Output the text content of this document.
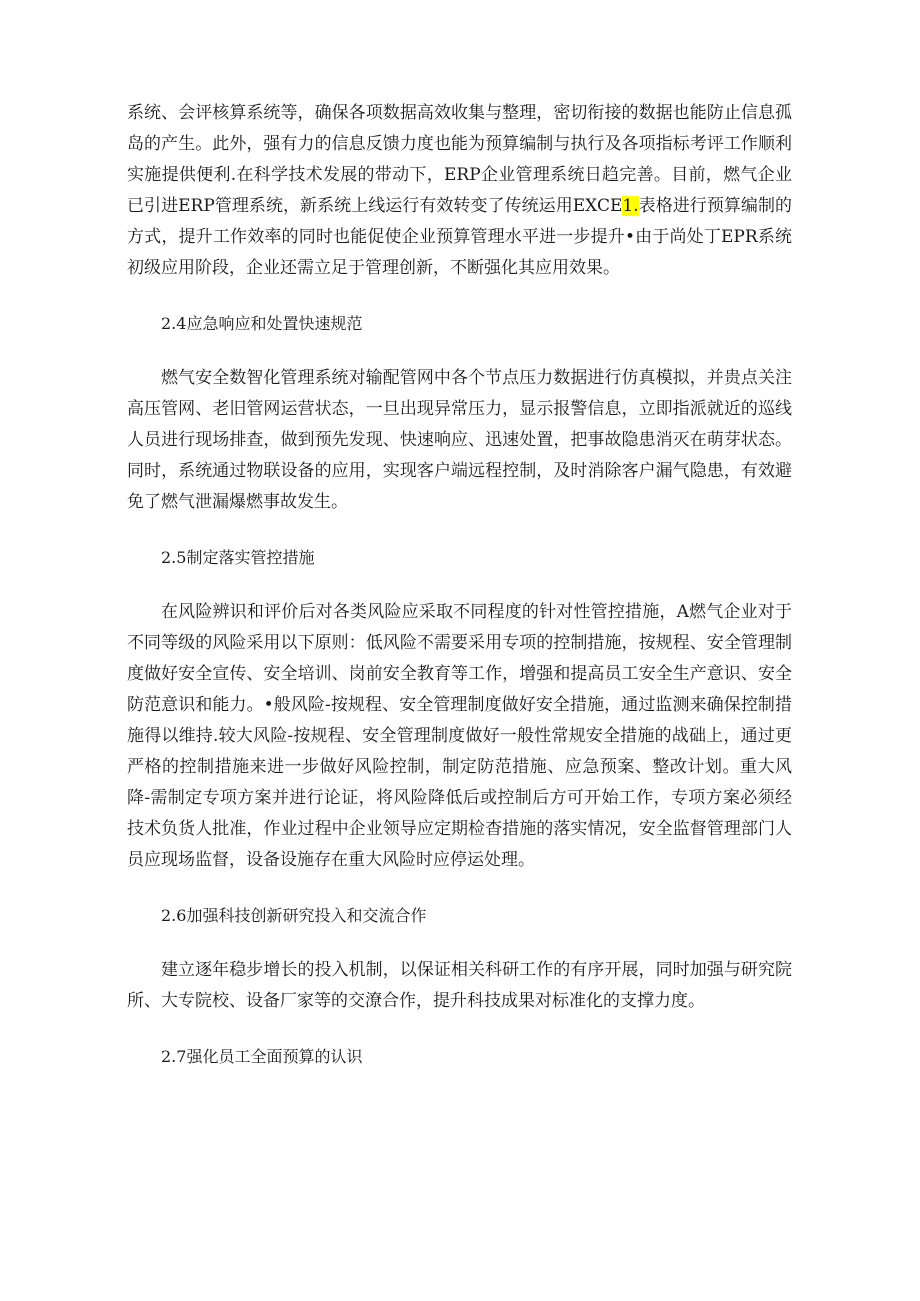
系统、会评核算系统等，确保各项数据高效收集与整理，密切衔接的数据也能防止信息孤岛的产生。此外，强有力的信息反馈力度也能为预算编制与执行及各项指标考评工作顺利实施提供便利.在科学技术发展的带动下，ERP企业管理系统日趋完善。目前，燃气企业已引进ERP管理系统，新系统上线运行有效转变了传统运用EXCE1.表格进行预算编制的方式，提升工作效率的同时也能促使企业预算管理水平进一步提升•由于尚处丁EPR系统初级应用阶段，企业还需立足于管理创新，不断强化其应用效果。

2.4应急响应和处置快速规范

燃气安全数智化管理系统对输配管网中各个节点压力数据进行仿真模拟，并贵点关注高压管网、老旧管网运营状态，一旦出现异常压力，显示报警信息，立即指派就近的巡线人员进行现场排查，做到预先发现、快速响应、迅速处置，把事故隐患消灭在萌芽状态。同时，系统通过物联设备的应用，实现客户端远程控制，及时消除客户漏气隐患，有效避免了燃气泄漏爆燃事故发生。

2.5制定落实管控措施

在风险辨识和评价后对各类风险应采取不同程度的针对性管控措施，A燃气企业对于不同等级的风险采用以下原则：低风险不需要采用专项的控制措施，按规程、安全管理制度做好安全宣传、安全培训、岗前安全教育等工作，增强和提高员工安全生产意识、安全防范意识和能力。•般风险-按规程、安全管理制度做好安全措施，通过监测来确保控制措施得以维持.较大风险-按规程、安全管理制度做好一般性常规安全措施的战础上，通过更严格的控制措施来进一步做好风险控制，制定防范措施、应急预案、整改计划。重大风降-需制定专项方案并进行论证，将风险降低后或控制后方可开始工作，专项方案必须经技术负货人批准，作业过程中企业领导应定期检杳措施的落实情况，安全监督管理部门人员应现场监督，设备设施存在重大风险时应停运处理。

2.6加强科技创新研究投入和交流合作

建立逐年稳步增长的投入机制，以保证相关科研工作的有序开展，同时加强与研究院所、大专院校、设备厂家等的交潦合作，提升科技成果对标准化的支撑力度。

2.7强化员工全面预算的认识
